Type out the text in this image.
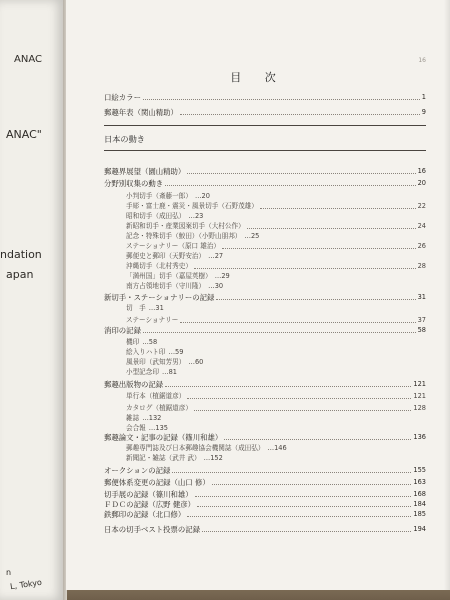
ANAC
ANAC"
ndation
apan
n
L, Tokyo
16
目 次
口絵カラー	1
郵趣年表（関山精助）	9
日本の動き
郵趣界展望（園山精助）	16
分野別収集の動き	20
小判切手（斎藤一郎） …20
手彫・富士鹿・震災・風景切手（石野茂雄）	22
昭和切手（成田弘） …23
新昭和切手・産業図案切手（大村公作）	24
記念・特殊切手（鮫田）（小野山朋邦） …25
ステーショナリー（原口 雄治）	26
郵便史と郵印（天野安治） …27
沖縄切手（北村秀史）	28
「満州国」切手（嘉屋英樹） …29
南方占領地切手（守川隆） …30
新切手・ステーショナリーの記録	31
切　手 …31
ステーショナリー	37
消印の記録	58
機印 …58
絵入りハト印 …59
風景印（武知芳男） …60
小型記念印 …81
郵趣出版物の記録	121
単行本（植鋸道彦）	121
カタログ（植鋸道彦）	128
雑誌 …132
会合報 …135
郵趣論文・記事の記録（篠川和雄）	136
郵趣専門誌及び日本郵趣協会機関誌（成田弘） …146
新聞記・雑誌（武井 武） …152
オークションの記録	155
郵便体系変更の記録（山口 修）	163
切手展の記録（篠川和雄）	168
ＦＤＣの記録（広野 健彦）	184
鉄郵印の記録（北口修）	185
日本の切手ベスト投票の記録	194
